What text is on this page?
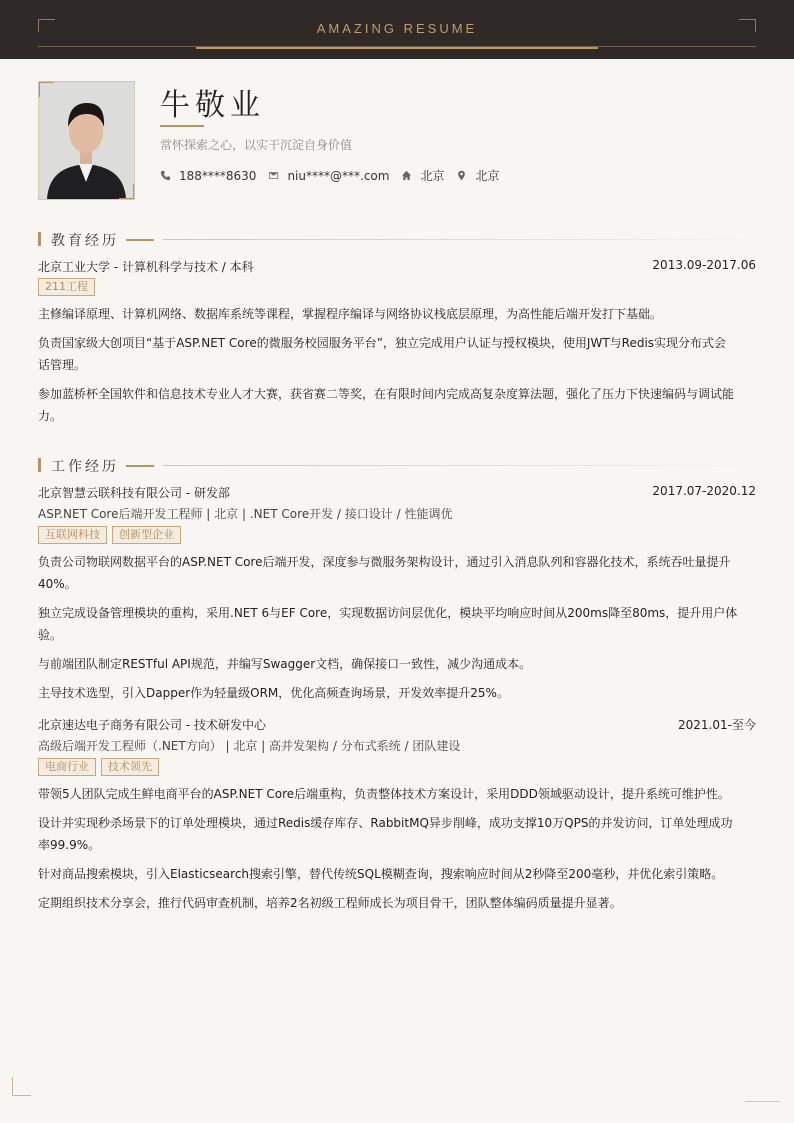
AMAZING RESUME
牛敬业
常怀探索之心，以实干沉淀自身价值
188****8630	niu****@***.com	北京	北京
教育经历
北京工业大学 - 计算机科学与技术 / 本科	2013.09-2017.06
211工程
主修编译原理、计算机网络、数据库系统等课程，掌握程序编译与网络协议栈底层原理，为高性能后端开发打下基础。
负责国家级大创项目“基于ASP.NET Core的微服务校园服务平台”，独立完成用户认证与授权模块，使用JWT与Redis实现分布式会话管理。
参加蓝桥杯全国软件和信息技术专业人才大赛，获省赛二等奖，在有限时间内完成高复杂度算法题，强化了压力下快速编码与调试能力。
工作经历
北京智慧云联科技有限公司 - 研发部	2017.07-2020.12
ASP.NET Core后端开发工程师 | 北京 | .NET Core开发 / 接口设计 / 性能调优
互联网科技	创新型企业
负责公司物联网数据平台的ASP.NET Core后端开发，深度参与微服务架构设计，通过引入消息队列和容器化技术，系统吞吐量提升40%。
独立完成设备管理模块的重构，采用.NET 6与EF Core，实现数据访问层优化，模块平均响应时间从200ms降至80ms，提升用户体验。
与前端团队制定RESTful API规范，并编写Swagger文档，确保接口一致性，减少沟通成本。
主导技术选型，引入Dapper作为轻量级ORM，优化高频查询场景，开发效率提升25%。
北京速达电子商务有限公司 - 技术研发中心	2021.01-至今
高级后端开发工程师（.NET方向） | 北京 | 高并发架构 / 分布式系统 / 团队建设
电商行业	技术领先
带领5人团队完成生鲜电商平台的ASP.NET Core后端重构，负责整体技术方案设计，采用DDD领域驱动设计，提升系统可维护性。
设计并实现秒杀场景下的订单处理模块，通过Redis缓存库存、RabbitMQ异步削峰，成功支撑10万QPS的并发访问，订单处理成功率99.9%。
针对商品搜索模块，引入Elasticsearch搜索引擎，替代传统SQL模糊查询，搜索响应时间从2秒降至200毫秒，并优化索引策略。
定期组织技术分享会，推行代码审查机制，培养2名初级工程师成长为项目骨干，团队整体编码质量提升显著。
